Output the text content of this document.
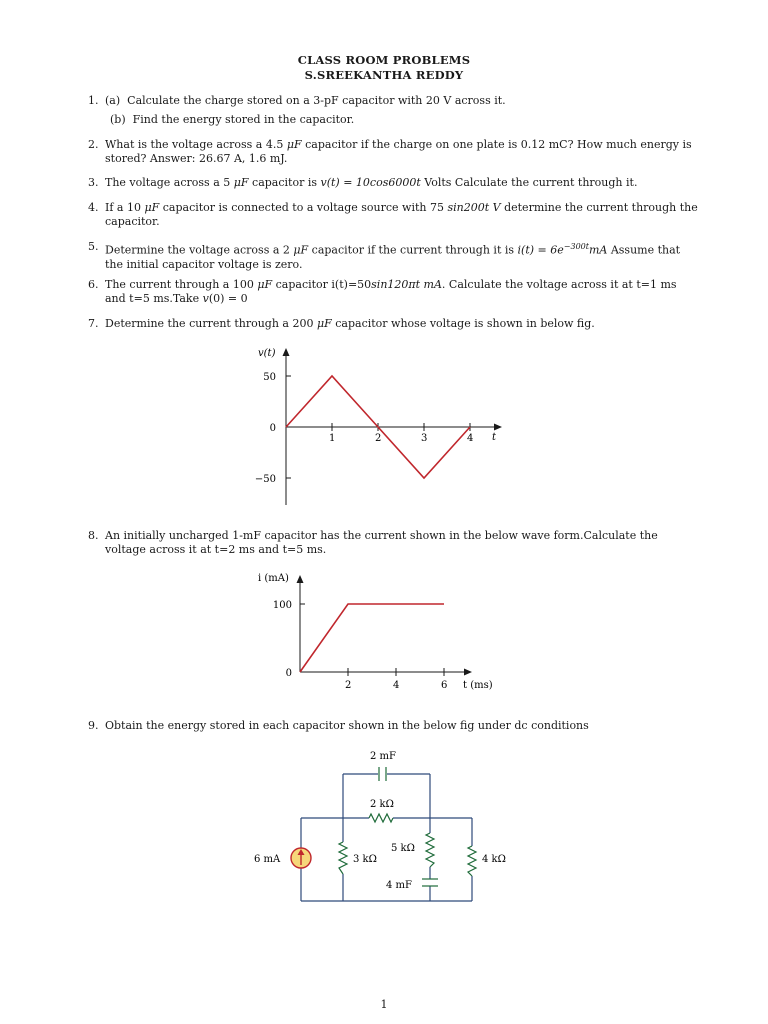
CLASS ROOM PROBLEMS
S.SREEKANTHA REDDY
1. (a) Calculate the charge stored on a 3-pF capacitor with 20 V across it.
(b) Find the energy stored in the capacitor.
2. What is the voltage across a 4.5 μF capacitor if the charge on one plate is 0.12 mC? How much energy is stored? Answer: 26.67 A, 1.6 mJ.
3. The voltage across a 5 μF capacitor is v(t) = 10cos6000t Volts Calculate the current through it.
4. If a 10 μF capacitor is connected to a voltage source with 75 sin200t V determine the current through the capacitor.
5. Determine the voltage across a 2 μF capacitor if the current through it is $i(t) = 6e^{-300t}mA$ Assume that the initial capacitor voltage is zero.
6. The current through a 100 μF capacitor i(t)=50sin120πt mA. Calculate the voltage across it at t=1 ms and t=5 ms.Take v(0) = 0
7. Determine the current through a 200 μF capacitor whose voltage is shown in below fig.
1	2	3	4
50
0
−50
v(t)
t
8. An initially uncharged 1-mF capacitor has the current shown in the below wave form.Calculate the voltage across it at t=2 ms and t=5 ms.
2	4	6
100
0
i (mA)
t (ms)
9. Obtain the energy stored in each capacitor shown in the below fig under dc conditions
6 mA
2 mF
2 kΩ
3 kΩ
5 kΩ
4 mF
4 kΩ
1
